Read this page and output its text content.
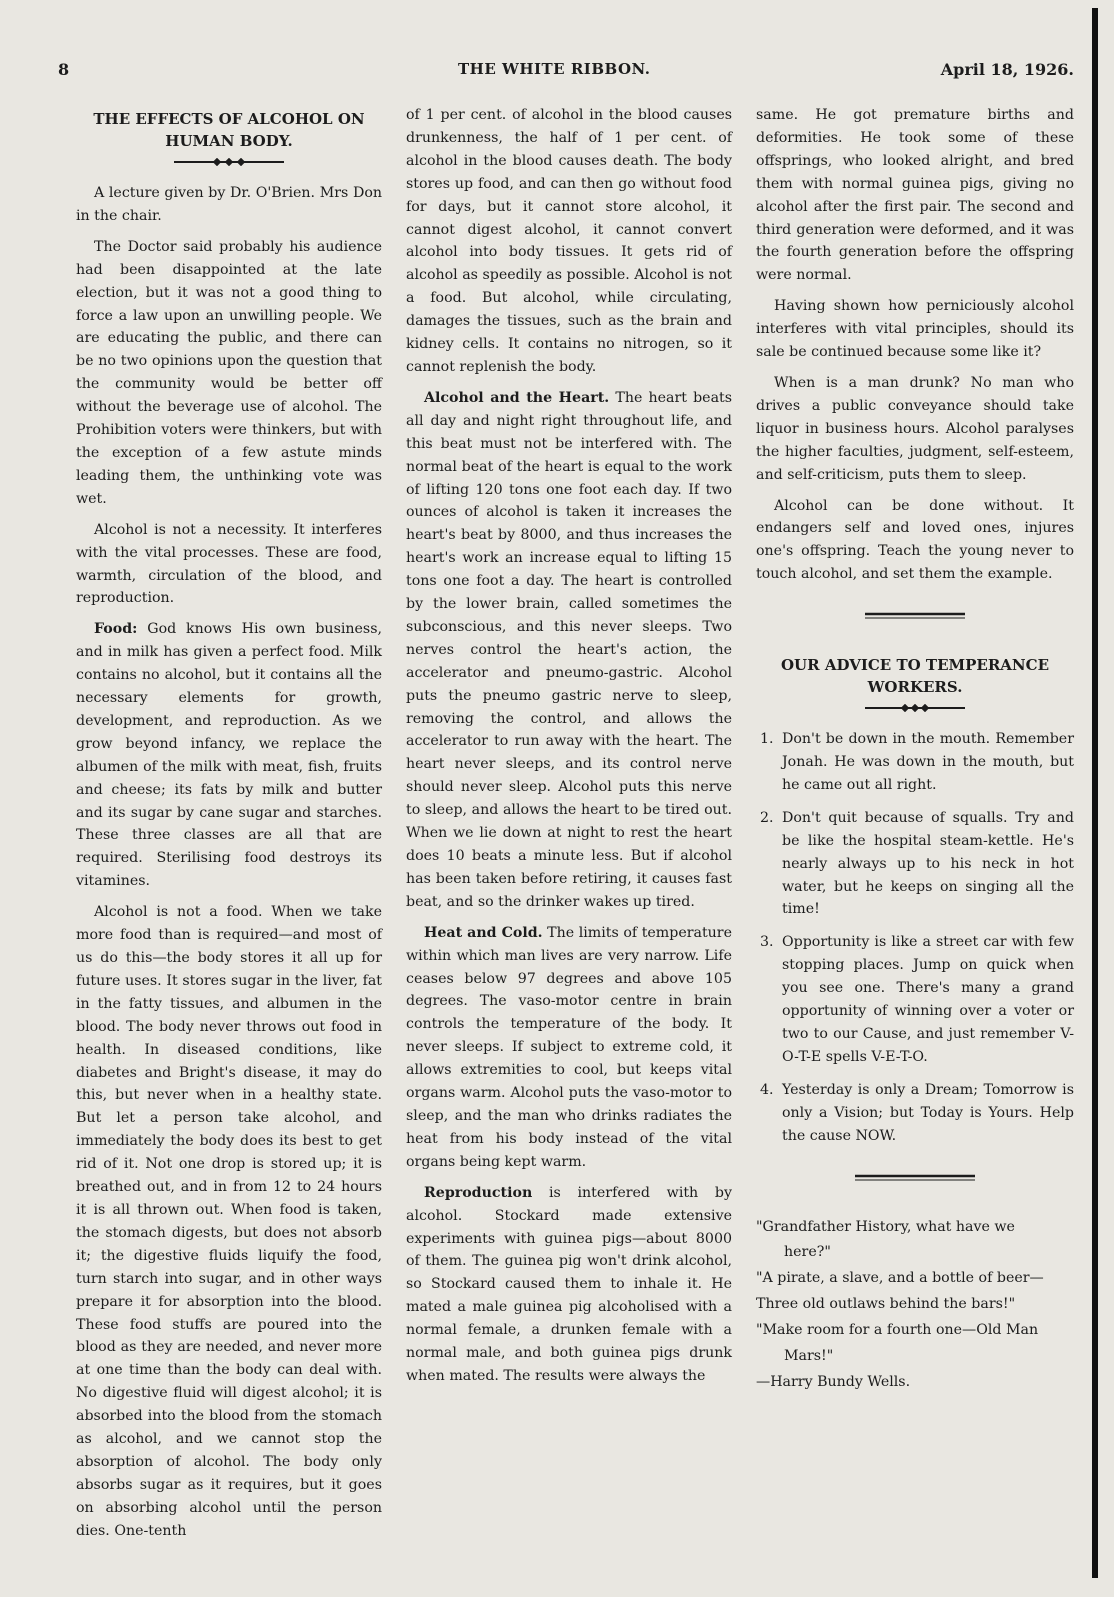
8	THE WHITE RIBBON.	April 18, 1926.
THE EFFECTS OF ALCOHOL ON
HUMAN BODY.

A lecture given by Dr. O'Brien. Mrs Don in the chair.

The Doctor said probably his audience had been disappointed at the late election, but it was not a good thing to force a law upon an unwilling people. We are educating the public, and there can be no two opinions upon the question that the community would be better off without the beverage use of alcohol. The Prohibition voters were thinkers, but with the exception of a few astute minds leading them, the unthinking vote was wet.

Alcohol is not a necessity. It interferes with the vital processes. These are food, warmth, circulation of the blood, and reproduction.

Food: God knows His own business, and in milk has given a perfect food. Milk contains no alcohol, but it contains all the necessary elements for growth, development, and reproduction. As we grow beyond infancy, we replace the albumen of the milk with meat, fish, fruits and cheese; its fats by milk and butter and its sugar by cane sugar and starches. These three classes are all that are required. Sterilising food destroys its vitamines.

Alcohol is not a food. When we take more food than is required—and most of us do this—the body stores it all up for future uses. It stores sugar in the liver, fat in the fatty tissues, and albumen in the blood. The body never throws out food in health. In diseased conditions, like diabetes and Bright's disease, it may do this, but never when in a healthy state. But let a person take alcohol, and immediately the body does its best to get rid of it. Not one drop is stored up; it is breathed out, and in from 12 to 24 hours it is all thrown out. When food is taken, the stomach digests, but does not absorb it; the digestive fluids liquify the food, turn starch into sugar, and in other ways prepare it for absorption into the blood. These food stuffs are poured into the blood as they are needed, and never more at one time than the body can deal with. No digestive fluid will digest alcohol; it is absorbed into the blood from the stomach as alcohol, and we cannot stop the absorption of alcohol. The body only absorbs sugar as it requires, but it goes on absorbing alcohol until the person dies. One-tenth

of 1 per cent. of alcohol in the blood causes drunkenness, the half of 1 per cent. of alcohol in the blood causes death. The body stores up food, and can then go without food for days, but it cannot store alcohol, it cannot digest alcohol, it cannot convert alcohol into body tissues. It gets rid of alcohol as speedily as possible. Alcohol is not a food. But alcohol, while circulating, damages the tissues, such as the brain and kidney cells. It contains no nitrogen, so it cannot replenish the body.

Alcohol and the Heart. The heart beats all day and night right throughout life, and this beat must not be interfered with. The normal beat of the heart is equal to the work of lifting 120 tons one foot each day. If two ounces of alcohol is taken it increases the heart's beat by 8000, and thus increases the heart's work an increase equal to lifting 15 tons one foot a day. The heart is controlled by the lower brain, called sometimes the subconscious, and this never sleeps. Two nerves control the heart's action, the accelerator and pneumo-gastric. Alcohol puts the pneumo gastric nerve to sleep, removing the control, and allows the accelerator to run away with the heart. The heart never sleeps, and its control nerve should never sleep. Alcohol puts this nerve to sleep, and allows the heart to be tired out. When we lie down at night to rest the heart does 10 beats a minute less. But if alcohol has been taken before retiring, it causes fast beat, and so the drinker wakes up tired.

Heat and Cold. The limits of temperature within which man lives are very narrow. Life ceases below 97 degrees and above 105 degrees. The vaso-motor centre in brain controls the temperature of the body. It never sleeps. If subject to extreme cold, it allows extremities to cool, but keeps vital organs warm. Alcohol puts the vaso-motor to sleep, and the man who drinks radiates the heat from his body instead of the vital organs being kept warm.

Reproduction is interfered with by alcohol. Stockard made extensive experiments with guinea pigs—about 8000 of them. The guinea pig won't drink alcohol, so Stockard caused them to inhale it. He mated a male guinea pig alcoholised with a normal female, a drunken female with a normal male, and both guinea pigs drunk when mated. The results were always the

same. He got premature births and deformities. He took some of these offsprings, who looked alright, and bred them with normal guinea pigs, giving no alcohol after the first pair. The second and third generation were deformed, and it was the fourth generation before the offspring were normal.

Having shown how perniciously alcohol interferes with vital principles, should its sale be continued because some like it?

When is a man drunk? No man who drives a public conveyance should take liquor in business hours. Alcohol paralyses the higher faculties, judgment, self-esteem, and self-criticism, puts them to sleep.

Alcohol can be done without. It endangers self and loved ones, injures one's offspring. Teach the young never to touch alcohol, and set them the example.

OUR ADVICE TO TEMPERANCE
WORKERS.
1. Don't be down in the mouth. Remember Jonah. He was down in the mouth, but he came out all right.
2. Don't quit because of squalls. Try and be like the hospital steam-kettle. He's nearly always up to his neck in hot water, but he keeps on singing all the time!
3. Opportunity is like a street car with few stopping places. Jump on quick when you see one. There's many a grand opportunity of winning over a voter or two to our Cause, and just remember V-O-T-E spells V-E-T-O.
4. Yesterday is only a Dream; Tomorrow is only a Vision; but Today is Yours. Help the cause NOW.

"Grandfather History, what have we

here?"

"A pirate, a slave, and a bottle of beer—

Three old outlaws behind the bars!"

"Make room for a fourth one—Old Man

Mars!"

—Harry Bundy Wells.
